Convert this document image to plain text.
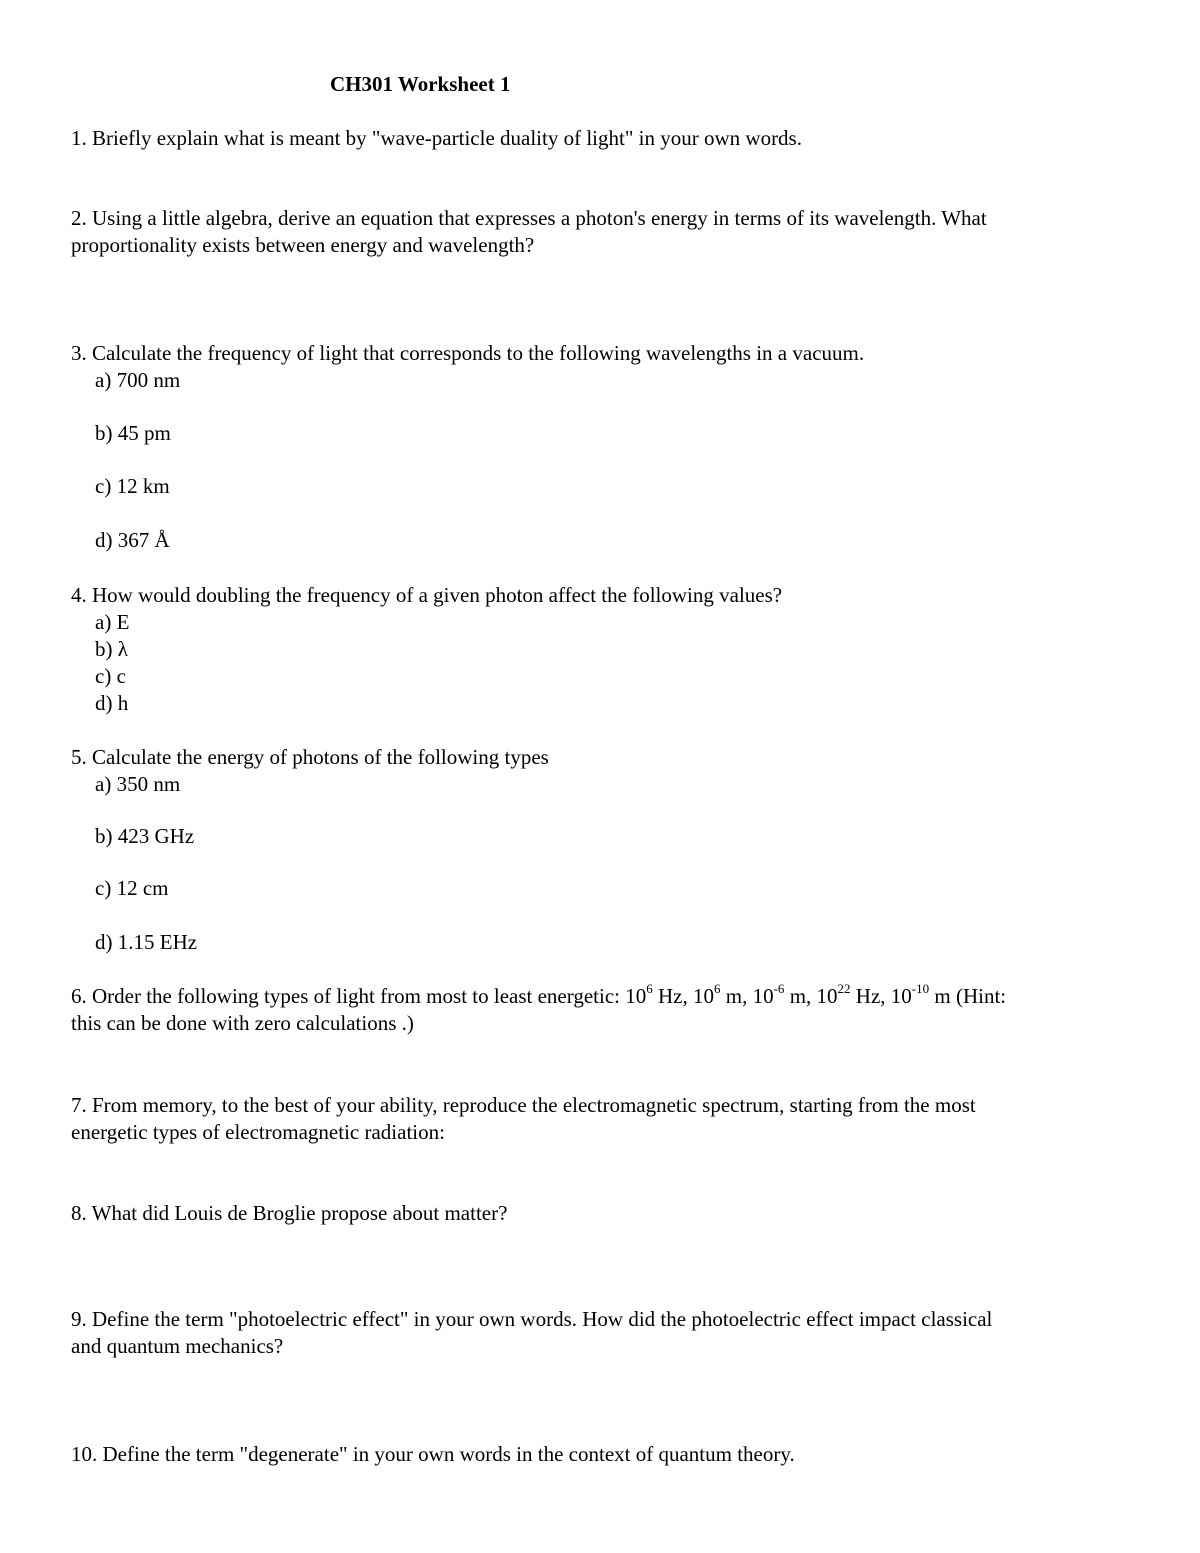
CH301 Worksheet 1
1. Briefly explain what is meant by "wave-particle duality of light" in your own words.
2. Using a little algebra, derive an equation that expresses a photon's energy in terms of its wavelength. What
proportionality exists between energy and wavelength?
3. Calculate the frequency of light that corresponds to the following wavelengths in a vacuum.
a) 700 nm
b) 45 pm
c) 12 km
d) 367 Å
4. How would doubling the frequency of a given photon affect the following values?
a) E
b) λ
c) c
d) h
5. Calculate the energy of photons of the following types
a) 350 nm
b) 423 GHz
c) 12 cm
d) 1.15 EHz
6. Order the following types of light from most to least energetic: $10^6$ Hz, $10^6$ m, $10^{-6}$ m, $10^{22}$ Hz, $10^{-10}$ m (Hint:
this can be done with zero calculations .)
7. From memory, to the best of your ability, reproduce the electromagnetic spectrum, starting from the most
energetic types of electromagnetic radiation:
8. What did Louis de Broglie propose about matter?
9. Define the term "photoelectric effect" in your own words. How did the photoelectric effect impact classical
and quantum mechanics?
10. Define the term "degenerate" in your own words in the context of quantum theory.
